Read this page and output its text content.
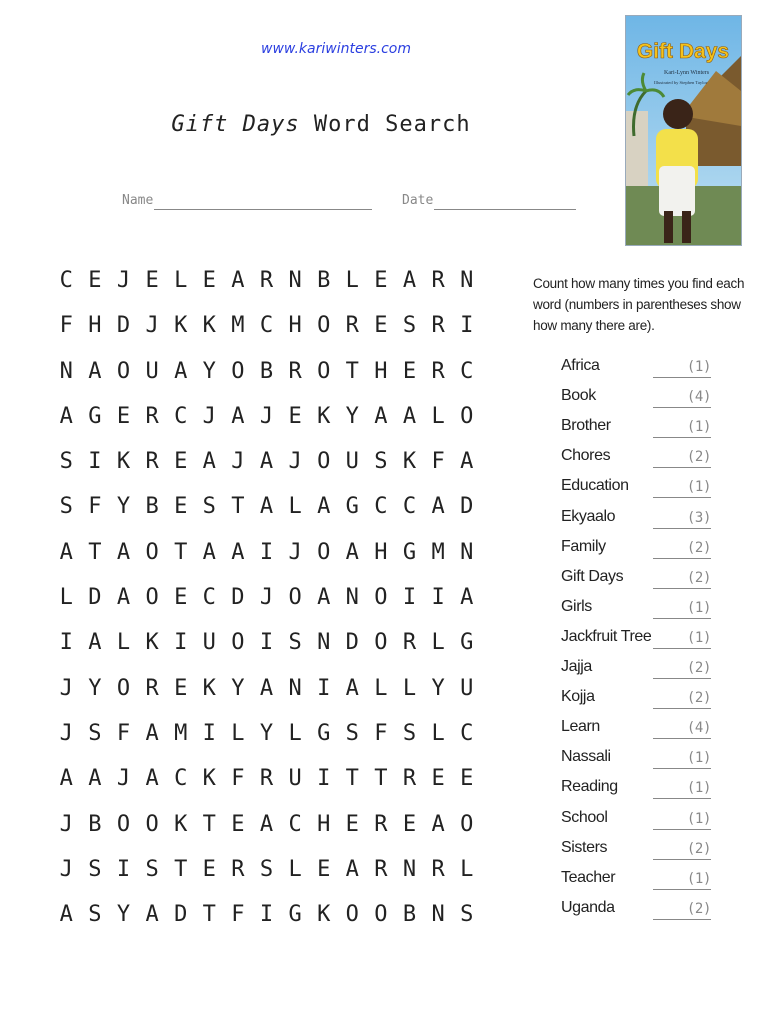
www.kariwinters.com
Gift Days Word Search
Name	Date
Gift Days
Kari-Lynn Winters
Illustrated by Stephen Taylor
C E J E L E A R N B L E A R N
F H D J K K M C H O R E S R I
N A O U A Y O B R O T H E R C
A G E R C J A J E K Y A A L O
S I K R E A J A J O U S K F A
S F Y B E S T A L A G C C A D
A T A O T A A I J O A H G M N
L D A O E C D J O A N O I I A
I A L K I U O I S N D O R L G
J Y O R E K Y A N I A L L Y U
J S F A M I L Y L G S F S L C
A A J A C K F R U I T T R E E
J B O O K T E A C H E R E A O
J S I S T E R S L E A R N R L
A S Y A D T F I G K O O B N S
Count how many times you find each word (numbers in parentheses show how many there are).
Africa	(1)
Book	(4)
Brother	(1)
Chores	(2)
Education	(1)
Ekyaalo	(3)
Family	(2)
Gift Days	(2)
Girls	(1)
Jackfruit Tree	(1)
Jajja	(2)
Kojja	(2)
Learn	(4)
Nassali	(1)
Reading	(1)
School	(1)
Sisters	(2)
Teacher	(1)
Uganda	(2)
